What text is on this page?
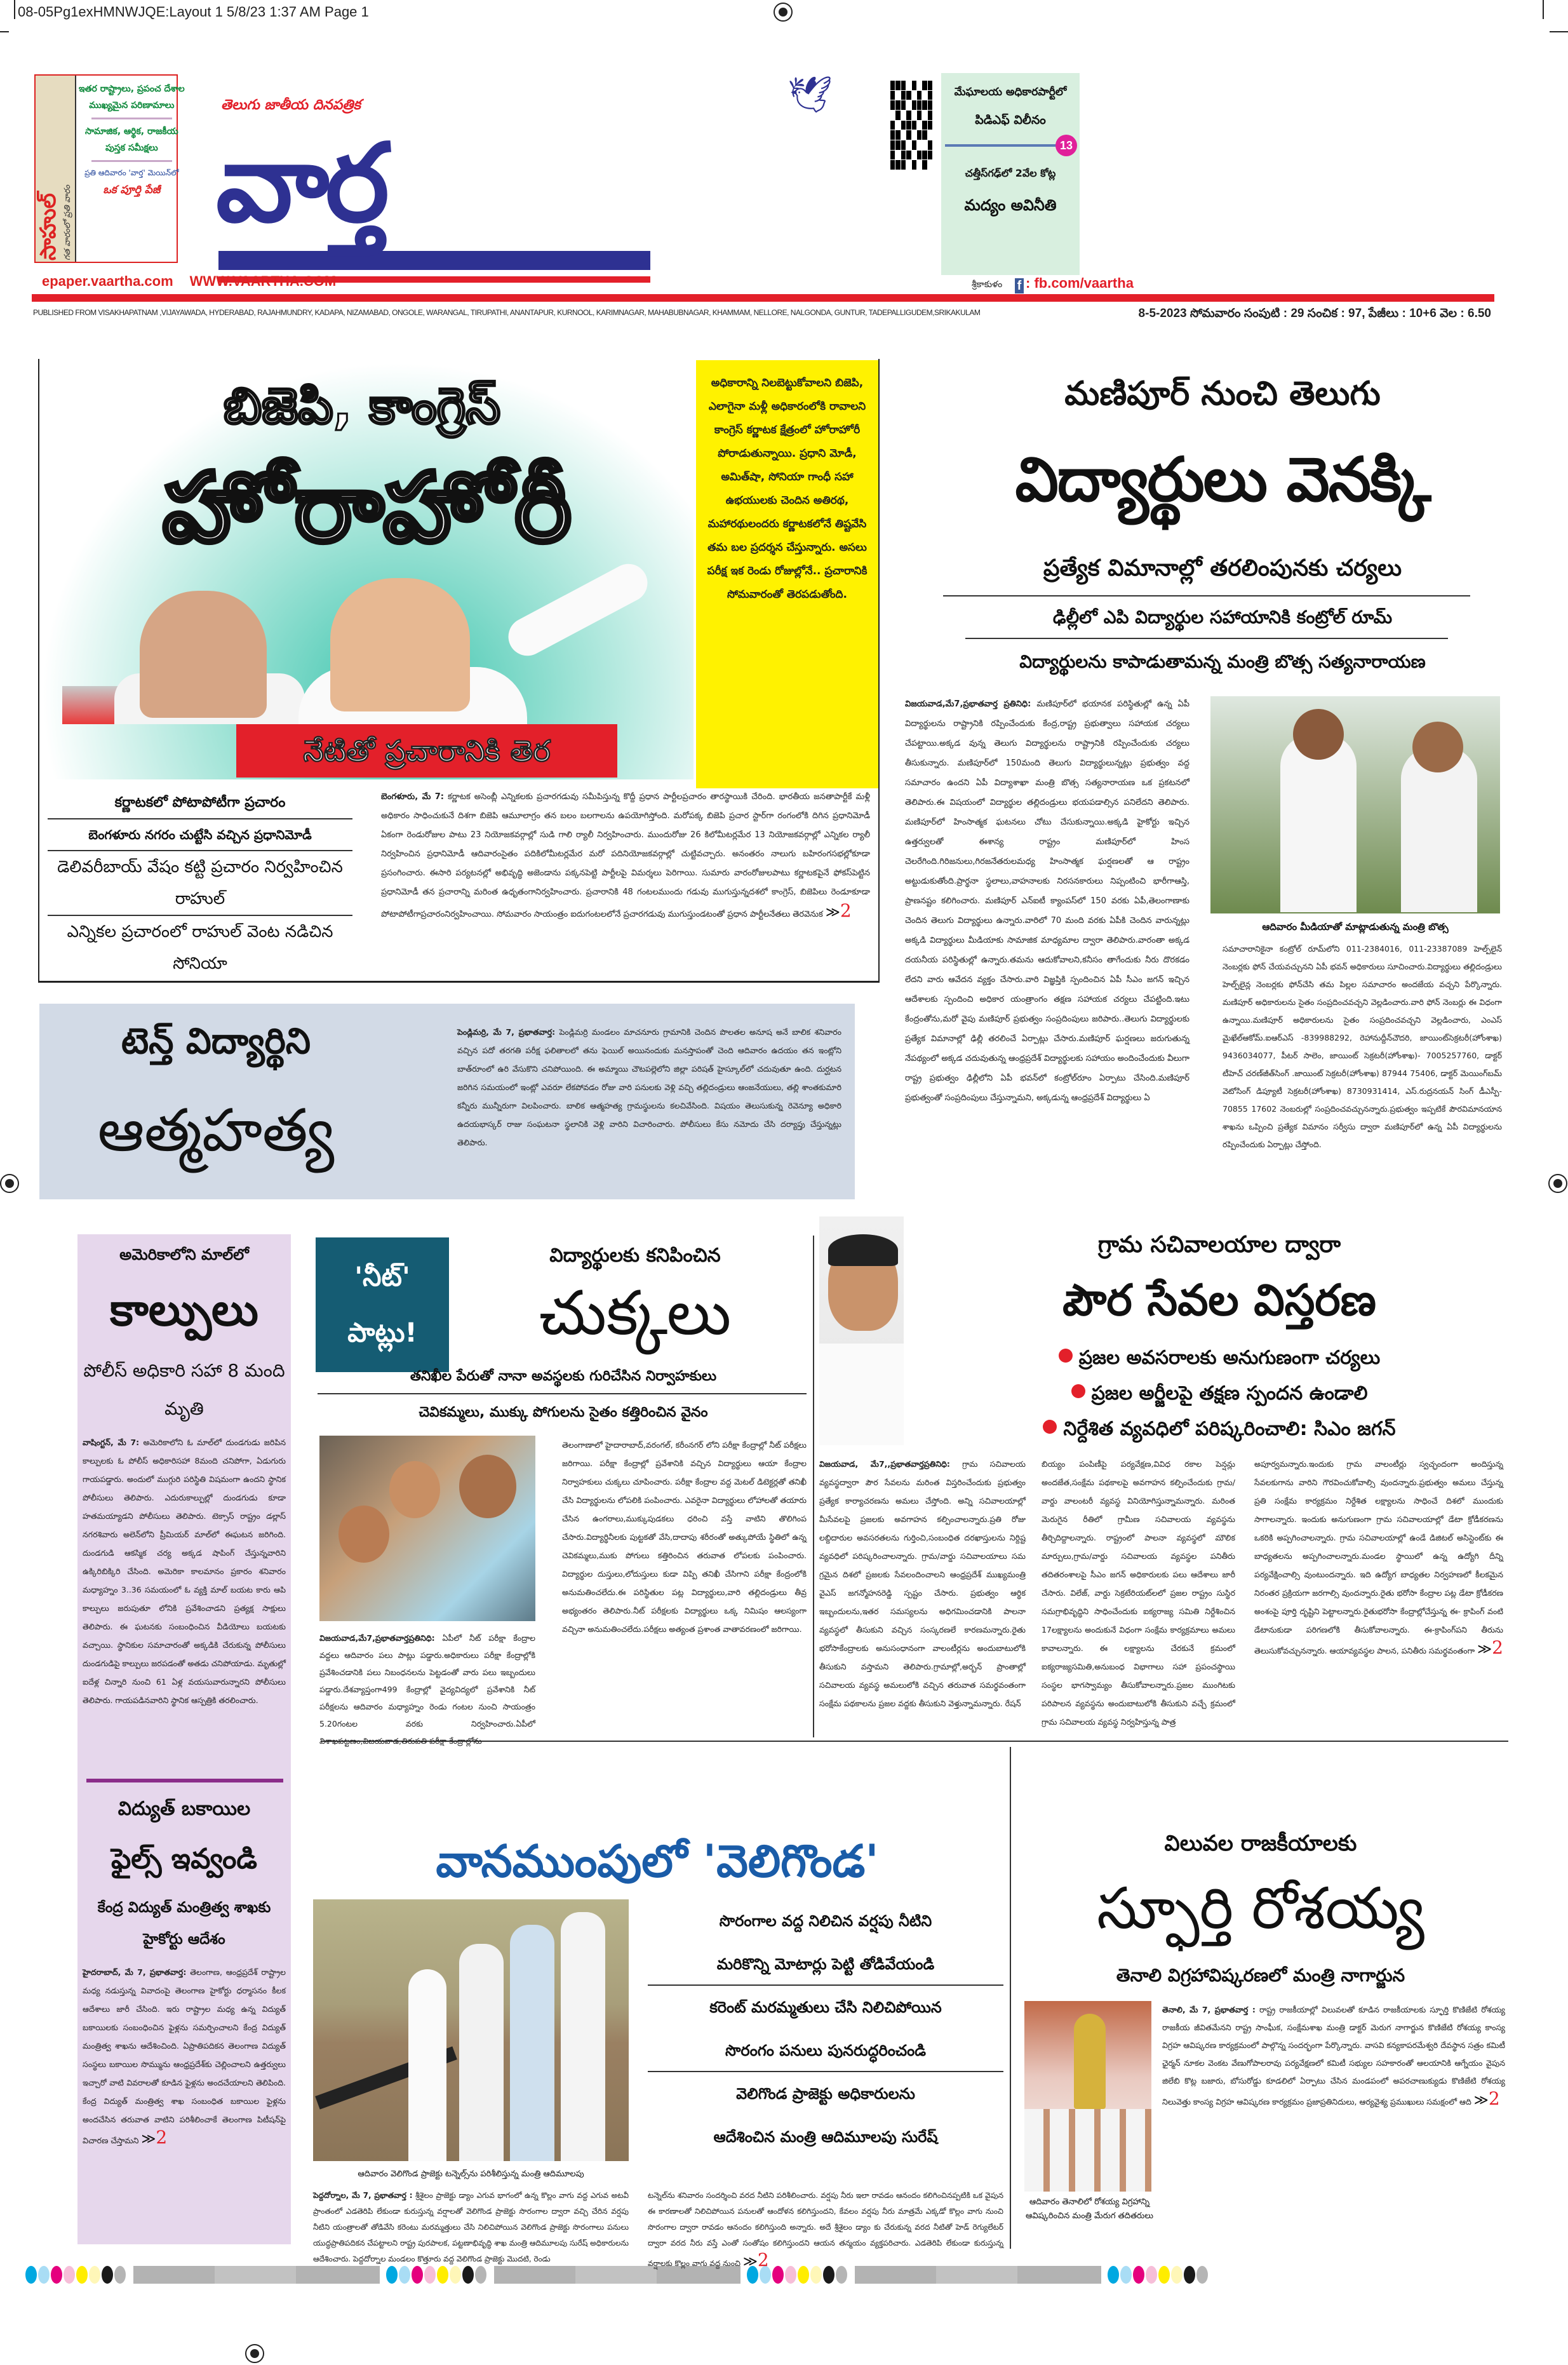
08-05Pg1exHMNWJQE:Layout 1 5/8/23 1:37 AM Page 1
సాహుల్ గత వారంలో ప్రతి వారం
ఇతర రాష్ట్రాలు, ప్రపంచ దేశాల
ముఖ్యమైన పరిణామాలు
సామాజిక, ఆర్థిక, రాజకీయ
పుస్తక సమీక్షలు
ప్రతి ఆదివారం 'వార్త' మెయిన్‌లో
ఒక పూర్తి పేజీ
epaper.vaartha.com WWW.VAARTHA.COM
తెలుగు జాతీయ దినపత్రిక	🕊
వార్త
మేఘాలయ అధికారపార్టీలో
పిడిఎఫ్ విలీనం
13
చత్తీస్‌గఢ్‌లో 2వేల కోట్ల
మద్యం అవినీతి
శ్రీకాకుళం f : fb.com/vaartha
PUBLISHED FROM VISAKHAPATNAM ,VIJAYAWADA, HYDERABAD, RAJAHMUNDRY, KADAPA, NIZAMABAD, ONGOLE, WARANGAL, TIRUPATHI, ANANTAPUR, KURNOOL, KARIMNAGAR, MAHABUBNAGAR, KHAMMAM, NELLORE, NALGONDA, GUNTUR, TADEPALLIGUDEM,SRIKAKULAM	8-5-2023 సోమవారం సంపుటి : 29 సంచిక : 97, పేజీలు : 10+6 వెల : 6.50
బిజెపి, కాంగ్రెస్
హోరాహోరీ
నేటితో ప్రచారానికి తెర
అధికారాన్ని నిలబెట్టుకోవాలని బిజెపి, ఎలాగైనా మళ్లీ అధికారంలోకి రావాలని కాంగ్రెస్ కర్ణాటక క్షేత్రంలో హోరాహోరీ పోరాడుతున్నాయి. ప్రధాని మోడీ, అమిత్‌షా, సోనియా గాంధీ సహా ఉభయులకు చెందిన అతిరథ, మహారథులందరు కర్ణాటకలోనే తిష్టవేసి తమ బల ప్రదర్శన చేస్తున్నారు. అసలు పరీక్ష ఇక రెండు రోజుల్లోనే.. ప్రచారానికి సోమవారంతో తెరపడుతోంది.
కర్ణాటకలో పోటాపోటీగా ప్రచారం
బెంగళూరు నగరం చుట్టేసి వచ్చిన ప్రధానిమోడీ
డెలివరీబాయ్ వేషం కట్టి ప్రచారం నిర్వహించిన రాహుల్
ఎన్నికల ప్రచారంలో రాహుల్ వెంట నడిచిన సోనియా
బెంగళూరు, మే 7: కర్ణాటక అసెంబ్లీ ఎన్నికలకు ప్రచారగడువు సమీపిస్తున్న కొద్దీ ప్రధాన పార్టీలప్రచారం తారస్థాయికి చేరింది. భారతీయ జనతాపార్టీకే మళ్లీ అధికారం సాధించుకునే దిశగా బిజెపి ఆమూలాగ్రం తన బలం బలగాలను ఉపయోగిస్తోంది. మరోపక్క బిజెపి ప్రచార స్టార్‌గా రంగంలోకి దిగిన ప్రధానిమోడీ ఏకంగా రెండురోజుల పాటు 23 నియోజకవర్గాల్లో సుడి గాలి ర్యాలీ నిర్వహించారు. ముందురోజు 26 కిలోమీటర్లమేర 13 నియోజకవర్గాల్లో ఎన్నికల ర్యాలీ నిర్వహించిన ప్రధానిమోడీ ఆదివారంసైతం పదికిలోమీటర్లమేర మరో పదినియోజకవర్గాల్లో చుట్టివచ్చారు. అనంతరం నాలుగు బహిరంగసభల్లోకూడా ప్రసంగించారు. ఈసారి పర్యటనల్లో అభివృద్ధి అజెండాను పక్కనపెట్టి పార్టీలపై విమర్శలు పెరిగాయి. సుమారు వారంరోజులపాటు కర్ణాటకపైనే ఫోకస్‌పెట్టిన ప్రధానిమోడీ తన ప్రచారాన్ని మరింత ఉధృతంగానిర్వహించారు. ప్రచారానికి 48 గంటలముందు గడువు ముగుస్తున్నదశలో కాంగ్రెస్, బిజెపిలు రెండూకూడా పోటాపోటీగాప్రచారంనిర్వహించాయి. సోమవారం సాయంత్రం ఐదుగంటలలోనే ప్రచారగడువు ముగుస్తుండటంతో ప్రధాన పార్టీలనేతలు తెరవెనుక ≫2
మణిపూర్ నుంచి తెలుగు
విద్యార్థులు వెనక్కి
ప్రత్యేక విమానాల్లో తరలింపునకు చర్యలు
ఢిల్లీలో ఎపి విద్యార్థుల సహాయానికి కంట్రోల్ రూమ్
విద్యార్థులను కాపాడుతామన్న మంత్రి బొత్స సత్యనారాయణ
విజయవాడ,మే7,ప్రభాతవార్త ప్రతినిధి: మణిపూర్‌లో భయానక పరిస్థితుల్లో ఉన్న ఏపీ విద్యార్థులను రాష్ట్రానికి రప్పించేందుకు కేంద్ర,రాష్ట్ర ప్రభుత్వాలు సహాయక చర్యలు చేపట్టాయి.అక్కడ వున్న తెలుగు విద్యార్థులను రాష్ట్రానికి రప్పించేందుకు చర్యలు తీసుకున్నారు. మణిపూర్‌లో 150మంది తెలుగు విద్యార్థులున్నట్లు ప్రభుత్వం వద్ద సమాచారం ఉందని ఏపీ విద్యాశాఖా మంత్రి బొత్స సత్యనారాయణ ఒక ప్రకటనలో తెలిపారు.ఈ విషయంలో విద్యార్థుల తల్లిదండ్రులు భయపడాల్సిన పనిలేదని తెలిపారు. మణిపూర్‌లో హింసాత్మక ఘటనలు చోటు చేసుకున్నాయి.అక్కడి హైకోర్టు ఇచ్చిన ఉత్తర్వులతో ఈశాన్య రాష్ట్రం మణిపూర్‌లో హింస చెలరేగింది.గిరిజనులు,గిరజనేతరులమధ్య హింసాత్మక ఘర్షణలతో ఆ రాష్ట్రం అట్టుడుకుతోంది.ప్రార్థనా స్థలాలు,వాహనాలకు నిరసనకారులు నిప్పంటించి భారీగాఆస్తి, ప్రాణనష్టం కలిగించారు. మణిపూర్ ఎన్ఐటీ క్యాంపస్‌లో 150 వరకు ఏపీ,తెలంగాణాకు చెందిన తెలుగు విద్యార్థులు ఉన్నారు.వారిలో 70 మంది వరకు ఏపీకి చెందిన వారున్నట్లు అక్కడి విద్యార్థులు మీడియాకు సామాజిక మాధ్యమాల ద్వారా తెలిపారు.వారంతా అక్కడ దయనీయ పరిస్థితుల్లో ఉన్నారు.తమను ఆదుకోవాలని,కనీసం తాగేందుకు నీరు దొరకడం లేదని వారు ఆవేదన వ్యక్తం చేసారు.వారి విజ్ఞప్తికి స్పందించిన ఏపీ సీఎం జగన్ ఇచ్చిన ఆదేశాలకు స్పందించి అధికార యంత్రాంగం తక్షణ సహాయక చర్యలు చేపట్టింది.ఇటు కేంద్రంతోను,మరో వైపు మణిపూర్ ప్రభుత్వం సంప్రదింపులు జరిపారు..తెలుగు విద్యార్థులకు ప్రత్యేక విమానాల్లో ఢిల్లీ తరలించే ఏర్పాట్లు చేసారు.మణిపూర్ ఘర్షణలు జరుగుతున్న నేపథ్యంలో అక్కడ చదువుతున్న ఆంధ్రప్రదేశ్ విద్యార్థులకు సహాయం అందించేందుకు వీలుగా రాష్ట్ర ప్రభుత్వం ఢిల్లీలోని ఏపీ భవన్‌లో కంట్రోల్‌రూం ఏర్పాటు చేసింది.మణిపూర్ ప్రభుత్వంతో సంప్రదింపులు చేస్తున్నామని, అక్కడున్న ఆంధ్రప్రదేశ్ విద్యార్థులు ఏ
ఆదివారం మీడియాతో మాట్లాడుతున్న మంత్రి బొత్స
సమాచారానికైనా కంట్రోల్ రూమ్‌లోని 011-2384016, 011-23387089 హెల్ప్‌లైన్ నెంబర్లకు ఫోన్ చేయవచ్చునని ఏపీ భవన్ అధికారులు సూచించారు.విద్యార్థులు తల్లిదండ్రులు హెల్ప్‌లైన్ల నెంబర్లకు ఫోన్‌చేసి తమ పిల్లల సమాచారం అందజేయ వచ్చని పేర్కొన్నారు. మణిపూర్ అధికారులను సైతం సంప్రదించవచ్చని వెల్లడించారు.వారి ఫోన్ నెంబర్లు ఈ విధంగా ఉన్నాయి.మణిపూర్ అధికారులను సైతం సంప్రదించవచ్చని వెల్లడించారు, ఎంఎస్ మైఖేల్‌ఆకోమ్.ఐఆర్ఎస్ -839988292, రెహానుద్దీన్‌చౌదరి, జాయింట్‌సెక్రటరీ(హోంశాఖ) 9436034077, పీటర్ సాలెం, జాయింట్ సెక్రటరీ(హోంశాఖ)- 7005257760, డాక్టర్ టీహెచ్ చరణ్‌జీత్‌సింగ్ .జాయింట్ సెక్రటరీ(హోంశాఖ) 87944 75406, డాక్టర్ మెయింగ్‌బమ్ వెటోసింగ్ డిప్యూటీ సెక్రటరీ(హోంశాఖ) 8730931414, ఎస్.రుద్రనయన్ సింగ్ డీఎస్పీ- 70855 17602 నెంబరుల్లో సంప్రదించవచ్చునన్నారు.ప్రభుత్వం ఇప్పటికే పౌరవిమానయాన శాఖను ఒప్పించి ప్రత్యేక విమానం సర్వీసు ద్వారా మణిపూర్‌లో ఉన్న ఏపీ విద్యార్థులను రప్పించేందుకు ఏర్పాట్లు చేస్తోంది.
టెన్త్ విద్యార్థిని
ఆత్మహత్య
పెండ్లిమర్రి, మే 7, ప్రభాతవార్త: పెండ్లిమర్రి మండలం మాచనూరు గ్రామానికి చెందిన పొలతల అనూష అనే బాలిక శనివారం వచ్చిన పదో తరగతి పరీక్ష ఫలితాలలో తను ఫెయిల్ అయినందుకు మనస్తాపంతో చెంది ఆదివారం ఉదయం తన ఇంట్లోని బాత్‌రూంలో ఉరి వేసుకొని చనిపోయింది. ఈ అమ్మాయి చౌటపల్లెలోని జిల్లా పరిషత్ హైస్కూల్‌లో చదువుతూ ఉంది. దుర్ఘటన జరిగిన సమయంలో ఇంట్లో ఎవరూ లేకపోవడం రోజు వారి పనులకు వెళ్లి వచ్చి తల్లిదండ్రులు ఆంజనేయులు, తల్లి శాంతకుమారి కన్నీరు మున్నీరుగా విలపించారు. బాలిక ఆత్మహత్య గ్రామస్థులను కలచివేసింది. విషయం తెలుసుకున్న రెవెన్యూ అధికారి ఉదయభాస్కర్ రాజు సంఘటనా స్థలానికి వెళ్లి వారిని విచారించారు. పోలీసులు కేసు నమోదు చేసి దర్యాప్తు చేస్తున్నట్లు తెలిపారు.
అమెరికాలోని మాల్‌లో
కాల్పులు
పోలీస్ అధికారి సహా 8 మంది మృతి
వాషింగ్టన్, మే 7: అమెరికాలోని ఓ మాల్‌లో దుండగుడు జరిపిన కాల్పులకు ఓ పోలీస్ అధికారిసహా 8మంది చనిపోగా, ఏడుగురు గాయపడ్డారు. అందులో ముగ్గురి పరిస్థితి విషమంగా ఉందని స్థానిక పోలీసులు తెలిపారు. ఎదురుకాల్పుల్లో దుండగుడు కూడా హతమయ్యాడని పోలీసులు తెలిపారు. టెక్సాస్ రాష్ట్రం డల్లాస్ నగరశివారు అలెన్‌లోని ప్రీమియర్ మాల్‌లో ఈఘటన జరిగింది. దుండగుడి ఆకస్మిక చర్య అక్కడ షాపింగ్ చేస్తున్నవారిని ఉక్కిరిబిక్కిరి చేసింది. అమెరికా కాలమానం ప్రకారం శనివారం మధ్యాహ్నం 3..36 సమయంలో ఓ వ్యక్తి మాల్ బయట కారు ఆపి కాల్పులు జరుపుతూ లోనికి ప్రవేశించాడని ప్రత్యక్ష సాక్షులు తెలిపారు. ఈ ఘటనకు సంబంధించిన వీడియోలు బయటకు వచ్చాయి. స్థానికుల సమాచారంతో అక్కడికి చేరుకున్న పోలీసులు దుండగుడిపై కాల్పులు జరపడంతో అతడు చనిపోయాడు. మృతుల్లో ఐదేళ్ల చిన్నారి నుంచి 61 ఏళ్ల వయసువారున్నారని పోలీసులు తెలిపారు. గాయపడినవారిని స్థానిక ఆస్పత్రికి తరలించారు.
విద్యుత్ బకాయిల
ఫైల్స్ ఇవ్వండి
కేంద్ర విద్యుత్ మంత్రిత్వ శాఖకు హైకోర్టు ఆదేశం
హైదరాబాద్, మే 7, ప్రభాతవార్త: తెలంగాణ, ఆంధ్రప్రదేశ్ రాష్ట్రాల మధ్య నడుస్తున్న వివాదంపై తెలంగాణ హైకోర్టు ధర్మాసనం కీలక ఆదేశాలు జారీ చేసింది. ఇరు రాష్ట్రాల మధ్య ఉన్న విద్యుత్ బకాయిలకు సంబంధించిన ఫైళ్లను సమర్పించాలని కేంద్ర విద్యుత్ మంత్రిత్వ శాఖను ఆదేశించింది. ఏప్రాతిపదికన తెలంగాణ విద్యుత్ సంస్థలు బకాయిల సొమ్మును ఆంధ్రప్రదేశ్‌కు చెల్లించాలని ఉత్తర్వులు ఇచ్చారో వాటి వివరాలతో కూడిన ఫైళ్లను అందచేయాలని తెలిపింది. కేంద్ర విద్యుత్ మంత్రిత్వ శాఖ సంబంధిత బకాయిల ఫైళ్లను అందచేసిన తరువాత వాటిని పరిశీలించాకే తెలంగాణ పిటీషన్‌పై విచారణ చేస్తామని ≫2
'నీట్'
పాట్లు!
విద్యార్థులకు కనిపించిన
చుక్కలు
తనిఖీల పేరుతో నానా అవస్థలకు గురిచేసిన నిర్వాహకులు
చెవికమ్మలు, ముక్కు పోగులను సైతం కత్తిరించిన వైనం
విజయవాడ,మే7,ప్రభాతవార్తప్రతినిధి: ఏపీలో నీట్ పరీక్షా కేంద్రాల వద్దలు ఆదివారం పలు పాట్లు పడ్డారు.అధికారులు పరీక్షా కేంద్రాల్లోకి ప్రవేశించడానికి పలు నిబంధనలను పెట్టడంతో వారు పలు ఇబ్బందులు పడ్డారు.దేశవ్యాప్తంగా499 కేంద్రాల్లో వైద్యవిద్యలో ప్రవేశానికి నీట్ పరీక్షలను ఆదివారం మధ్యాహ్నం రెండు గంటల నుంచి సాయంత్రం 5.20గంటల వరకు నిర్వహించారు.ఏపీలో విశాఖపట్టణం,విజయవాడ,తిరుపతి పరీక్షా కేంద్రాల్లోను
తెలంగాణాలో హైదారాబాద్,వరంగల్, కరీంనగర్ లోని పరీక్షా కేంద్రాల్లో నీట్ పరీక్షలు జరిగాయి. పరీక్షా కేంద్రాల్లో ప్రవేశానికి వచ్చిన విద్యార్థులు ఆయా కేంద్రాల నిర్వాహకులు చుక్కలు చూపించారు. పరీక్షా కేంద్రాల వద్ద మెటల్ డిటెక్టర్లతో తనిఖీ చేసి విద్యార్థులను లోపలికి పంపించారు. ఎవరైనా విద్యార్థులు లోహాలతో తయారు చేసిన ఉంగరాలు,ముక్కుపుడకలు ధరించి వస్తే వాటిని తొలిగింప చేసారు.విద్యార్థినీలకు పుట్టకతో వేసి,దాదాపు శరీరంతో అత్కుపోయే స్థితిలో ఉన్న చెవికమ్మలు,ముకు పోగులు కత్తిరించిన తరువాత లోపలకు పంపించారు. విద్యార్థుల దుస్తులు,లోదుస్తులు కుడా విప్పి తనిఖీ చేసిగాని పరీక్షా కేంద్రంలోకి అనుమతించలేదు.ఈ పరిస్థితుల పట్ల విద్యార్థులు,వారి తల్లిదండ్రులు తీవ్ర అభ్యంతరం తెలిపారు.నీట్ పరీక్షలకు విద్యార్థులు ఒక్క నిమిషం ఆలస్యంగా వచ్చినా అనుమతించలేదు.పరీక్షలు అత్యంత ప్రశాంత వాతావరణంలో జరిగాయి.
గ్రామ సచివాలయాల ద్వారా
పౌర సేవల విస్తరణ
ప్రజల అవసరాలకు అనుగుణంగా చర్యలు
ప్రజల అర్జీలపై తక్షణ స్పందన ఉండాలి
నిర్దేశిత వ్యవధిలో పరిష్కరించాలి: సిఎం జగన్
విజయవాడ, మే7,,ప్రభాతవార్తప్రతినిధి: గ్రామ సచివాలయ వ్యవస్థద్వారా పౌర సేవలను మరింత విస్తరించేందుకు ప్రభుత్వం ప్రత్యేక కార్యాచరణను అమలు చేస్తోంది. అన్ని సచివాలయాల్లో మీసేవలపై ప్రజలకు అవగాహన కల్పించాలన్నారు.ప్రతి రోజు లబ్దిదారుల అవసరతలను గుర్తించి,సంబంధిత దరఖాస్తులను నిర్దిష్ట వ్యవధిలో పరిష్కరించాలన్నారు. గ్రామ/వార్డు సచివాలయాలు సమ గ్రమైన దిశలో ప్రజలకు సేవలందించాలని ఆంధ్రప్రదేశ్ ముఖ్యమంత్రి వైఎస్ జగన్మోహనరెడ్డి స్పష్టం చేసారు. ప్రభుత్వం ఆర్థిక ఇబ్బందులను,ఇతర సమస్యలను అధిగమించడానికి పాలనా వ్యవస్థలో తీసుకుని వచ్చిన సంస్కరణలే కారణమన్నారు.రైతు భరోసాకేంద్రాలకు అనుసంధానంగా వాలంటీర్లను అందుబాటులోకి తీసుకుని వస్తామని తెలిపారు.గ్రామాల్లో,అర్బన్ ప్రాంతాల్లో సచివాలయ వ్యవస్థ అమలులోకి వచ్చిన తరువాత సమర్థవంతంగా సంక్షేమ పథకాలను ప్రజల వద్దకు తీసుకుని వెళ్తున్నామన్నారు. రేషన్
బియ్యం పంపిణీపై పర్యవేక్షణ,వివిధ రకాల పెన్షన్లు అందజేత,సంక్షేమ పథకాలపై అవగాహన కల్పించేందుకు గ్రామ/వార్డు వాలంటరీ వ్యవస్థ వినియోగిస్తున్నామన్నారు. మరింత మెరుగైన రీతిలో గ్రామీణ సచివాలయ వ్యవస్థను తీర్చిదిద్దాలన్నారు. రాష్ట్రంలో పాలనా వ్యవస్థలో మౌలిక మార్పులు,గ్రామ/వార్డు సచివాలయ వ్యవస్థల పనితీరు తదితరంశాలపై సీఎం జగన్ అధికారులకు పలు ఆదేశాలు జారీ చేసారు. విలేజ్, వార్డు సెక్రటేరియట్‌లలో ప్రజల రాష్ట్రం సుస్థిర సమగ్రాభివృద్ధిని సాధించేందుకు ఐక్యరాజ్య సమితి నిర్దేశించిన 17లక్ష్యాలను అందుకునే విధంగా సంక్షేమ కార్యక్రమాలు అమలు కావాలన్నారు. ఈ లక్ష్యాలను చేరకునే క్రమంలో ఐక్యరాజ్యసమితి,అనుబంధ విభాగాలు సహా ప్రపంచస్థాయి సంస్థల భాగస్వామ్యం తీసుకోవాలన్నారు.ప్రజల ముంగిటకు పరిపాలన వ్యవస్థను అందుబాటులోకి తీసుకుని వచ్చే క్రమంలో గ్రామ సచివాలయ వ్యవస్థ నిర్వహిస్తున్న పాత్ర
అపూర్వమన్నారు.ఇందుకు గ్రామ వాలంటీర్లు స్వచ్ఛందంగా అందిస్తున్న సేవలకుగాను వారిని గౌరవించుకోవాల్సి వుందన్నారు.ప్రభుత్వం అమలు చేస్తున్న ప్రతి సంక్షేమ కార్యక్రమం నిర్దేశిత లక్ష్యాలను సాధించే దిశలో ముందుకు సాగాలన్నారు. ఇందుకు అనుగుణంగా గ్రామ సచివాలయాల్లో డేటా క్రోడీకరణను ఒకరికి అప్పగించాలన్నారు. గ్రామ సచివాలయాల్లో ఉండే డిజిటల్ అసిస్టెంట్‌కు ఈ బాధ్యతలను అప్పగించాలన్నారు.మండల స్థాయిలో ఉన్న ఉద్యోగి దీన్ని పర్యవేక్షించాల్సి వుంటుందన్నారు. ఇది ఉద్యోగ బాధ్యతల నిర్వహణలో కీలకమైన నిరంతర ప్రక్రియగా జరగాల్సి వుందన్నారు.రైతు భరోసా కేంద్రాల పట్ల డేటా క్రోడీకరణ అంశంపై పూర్తి దృష్టిని పెట్టాలన్నారు.రైతుభరోసా కేంద్రాల్లోచేస్తున్న ఈ- క్రాపింగ్ వంటి డేటానుకుడా పరిగణలోకి తీసుకోవాలన్నారు. ఈ-క్రాపింగ్‌పని తీరును తెలుసుకోవచ్చునన్నారు. ఆయావ్యవస్థల పాలన, పనితీరు సమర్థవంతంగా ≫2
వానముంపులో 'వెలిగొండ'
ఆదివారం వెలిగొండ ప్రాజెక్టు టన్నెల్స్‌ను పరిశీలిస్తున్న మంత్రి ఆదిమూలపు
సొరంగాల వద్ద నిలిచిన వర్షపు నీటిని
మరికొన్ని మోటార్లు పెట్టి తోడివేయండి
కరెంట్ మరమ్మతులు చేసి నిలిచిపోయిన
సొరంగం పనులు పునరుద్ధరించండి
వెలిగొండ ప్రాజెక్టు అధికారులను
ఆదేశించిన మంత్రి ఆదిమూలపు సురేష్
పెద్దదోర్నాల, మే 7, ప్రభాతవార్త : శ్రీశైలం ప్రాజెక్టు డ్యాం ఎగువ భాగంలో ఉన్న కొల్లం వాగు వద్ద ఎగువ అటవీ ప్రాంతంలో ఎడతెరిపి లేకుండా కురుస్తున్న వర్షాలతో వెలిగొండ ప్రాజెక్టు సొరంగాల ద్వారా వచ్చి చేరిన వర్షపు నీటిని యంత్రాలతో తోడివేసి కరెంటు మరమ్మత్తులు చేసి నిలిచిపోయిన వెలిగొండ ప్రాజెక్టు సొరంగాలు పనులు యుద్ధప్రాతిపదికన చేపట్టాలని రాష్ట్ర పురపాలక, పట్టణాభివృద్ధి శాఖ మంత్రి ఆదిమూలపు సురేష్ అధికారులను ఆదేశించారు. పెద్దదోర్నాల మండలం కొత్తూరు వద్ద వెలిగొండ ప్రాజెక్టు మొదటి, రెండు
టన్నెల్‌ను శనివారం సందర్శించి వరద నీటిని పరిశీలించారు. వర్షపు నీరు ఇలా రావడం ఆనందం కలిగించినప్పటికి ఒక వైపున ఈ కారణాలతో నిలిచిపోయిన పనులతో ఆందోళన కలిగిస్తుందని, కేవలం వర్షపు నీరు మాత్రమే ఎక్కడో కొల్లం వాగు నుంచి సొరంగాల ద్వారా రావడం ఆనందం కలిగిస్తుంది అన్నారు. అదే శ్రీశైలం డ్యాం కు చేరుకున్న వరద నీటితో హెడ్ రెగ్యులేటర్ ద్వారా వరద నీరు వస్తే ఎంతో సంతోషం కలిగిస్తుందని ఆయన తన్మయం వ్యక్తపరిచారు. ఎడతెరిపి లేకుండా కురుస్తున్న వర్షాలకు కొల్లం వాగు వద్ద నుంచి ≫2
విలువల రాజకీయాలకు
స్ఫూర్తి రోశయ్య
తెనాలి విగ్రహావిష్కరణలో మంత్రి నాగార్జున
ఆదివారం తెనాలిలో రోశయ్య విగ్రహాన్ని ఆవిష్కరించిన మంత్రి మేరుగ తదితరులు
తెనాలి, మే 7, ప్రభాతవార్త : రాష్ట్ర రాజకీయాల్లో విలువలతో కూడిన రాజకీయాలకు స్ఫూర్తి కొణిజేటి రోశయ్య రాజకీయ జీవితమేనని రాష్ట్ర సాంఘీక, సంక్షేమశాఖ మంత్రి డాక్టర్ మెరుగ నాగార్జున కొణిజేటి రోశయ్య కాంస్య విగ్రహ ఆవిష్కరణ కార్యక్రమంలో పాల్గొన్న సందర్భంగా పేర్కొన్నారు. వాసవి కన్యకాపరమేశ్వరి దేవస్థాన సత్రం కమిటీ ఛైర్మన్ నూకల వెంకట వేణుగోపాలరావు పర్యవేక్షణలో కమిటీ సభ్యుల సహకారంతో ఆలయానికి ఆగ్నేయం వైపున జిలేబి కొట్ల బజారు, బోసురోడ్డు కూడలిలో ఏర్పాటు చేసిన మండపంలో అపరచాణుక్యుడు కొణిజేటి రోశయ్య నిలువెత్తు కాంస్య విగ్రహ ఆవిష్కరణ కార్యక్రమం ప్రజాప్రతినిదులు, ఆర్యవైశ్య ప్రముఖులు సమక్షంలో ఆది ≫2
